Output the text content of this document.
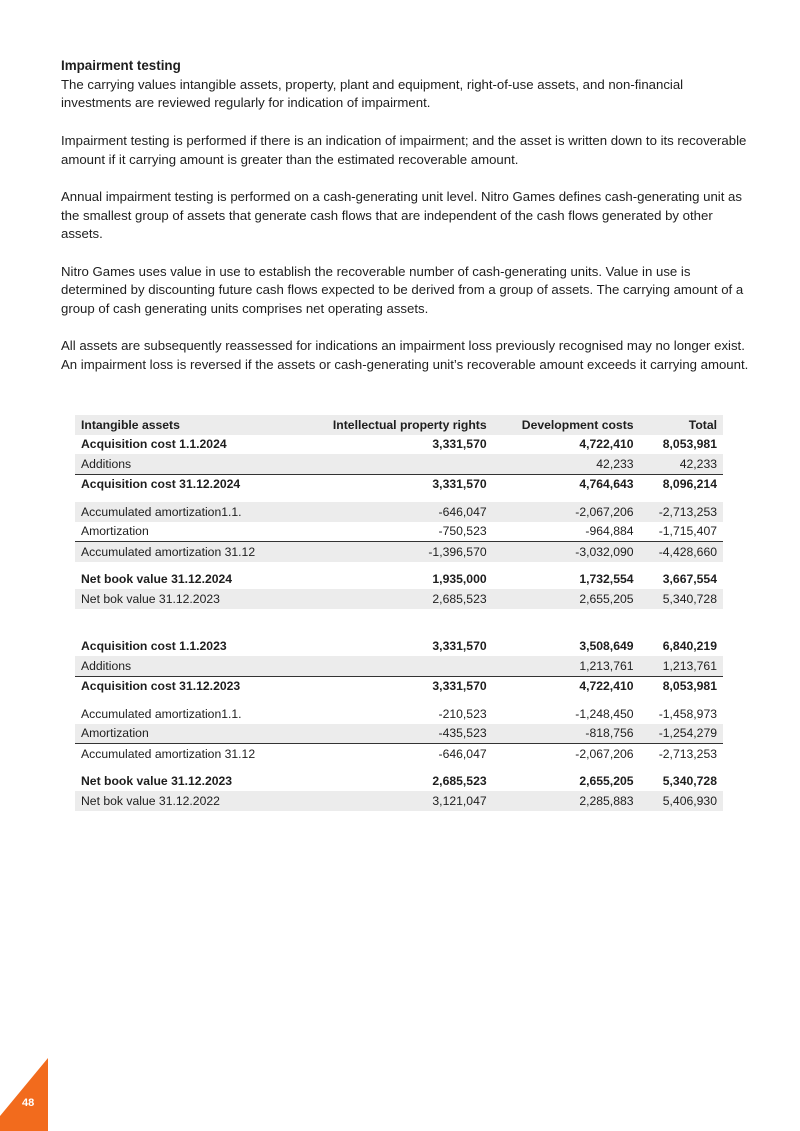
Impairment testing

The carrying values intangible assets, property, plant and equipment, right-of-use assets, and non-financial investments are reviewed regularly for indication of impairment.

Impairment testing is performed if there is an indication of impairment; and the asset is written down to its recoverable amount if it carrying amount is greater than the estimated recoverable amount.

Annual impairment testing is performed on a cash-generating unit level. Nitro Games defines cash-generating unit as the smallest group of assets that generate cash flows that are independent of the cash flows generated by other assets.

Nitro Games uses value in use to establish the recoverable number of cash-generating units. Value in use is determined by discounting future cash flows expected to be derived from a group of assets. The carrying amount of a group of cash generating units comprises net operating assets.

All assets are subsequently reassessed for indications an impairment loss previously recognised may no longer exist. An impairment loss is reversed if the assets or cash-generating unit’s recoverable amount exceeds it carrying amount.

Intangible assets	Intellectual property rights	Development costs	Total
Acquisition cost 1.1.2024	3,331,570	4,722,410	8,053,981
Additions		42,233	42,233
Acquisition cost 31.12.2024	3,331,570	4,764,643	8,096,214

Accumulated amortization1.1.	-646,047	-2,067,206	-2,713,253
Amortization	-750,523	-964,884	-1,715,407
Accumulated amortization 31.12	-1,396,570	-3,032,090	-4,428,660

Net book value 31.12.2024	1,935,000	1,732,554	3,667,554
Net bok value 31.12.2023	2,685,523	2,655,205	5,340,728

Acquisition cost 1.1.2023	3,331,570	3,508,649	6,840,219
Additions		1,213,761	1,213,761
Acquisition cost 31.12.2023	3,331,570	4,722,410	8,053,981

Accumulated amortization1.1.	-210,523	-1,248,450	-1,458,973
Amortization	-435,523	-818,756	-1,254,279
Accumulated amortization 31.12	-646,047	-2,067,206	-2,713,253

Net book value 31.12.2023	2,685,523	2,655,205	5,340,728
Net bok value 31.12.2022	3,121,047	2,285,883	5,406,930
48
